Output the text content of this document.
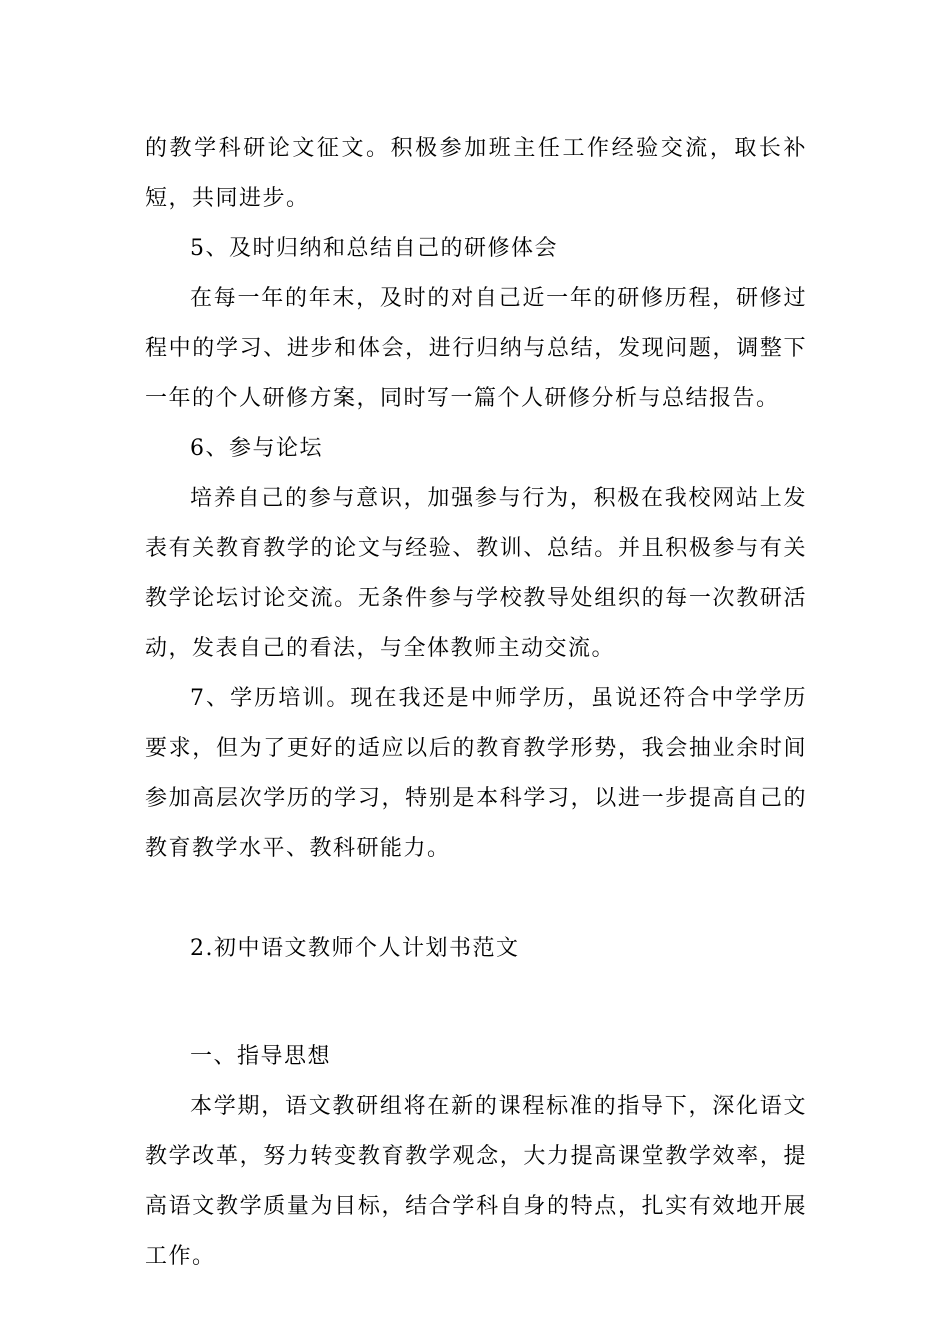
的教学科研论文征文。积极参加班主任工作经验交流，取长补短，共同进步。

5、及时归纳和总结自己的研修体会

在每一年的年末，及时的对自己近一年的研修历程，研修过程中的学习、进步和体会，进行归纳与总结，发现问题，调整下一年的个人研修方案，同时写一篇个人研修分析与总结报告。

6、参与论坛

培养自己的参与意识，加强参与行为，积极在我校网站上发表有关教育教学的论文与经验、教训、总结。并且积极参与有关教学论坛讨论交流。无条件参与学校教导处组织的每一次教研活动，发表自己的看法，与全体教师主动交流。

7、学历培训。现在我还是中师学历，虽说还符合中学学历要求，但为了更好的适应以后的教育教学形势，我会抽业余时间参加高层次学历的学习，特别是本科学习，以进一步提高自己的教育教学水平、教科研能力。

2.初中语文教师个人计划书范文

一、指导思想

本学期，语文教研组将在新的课程标准的指导下，深化语文教学改革，努力转变教育教学观念，大力提高课堂教学效率，提高语文教学质量为目标，结合学科自身的特点，扎实有效地开展工作。
